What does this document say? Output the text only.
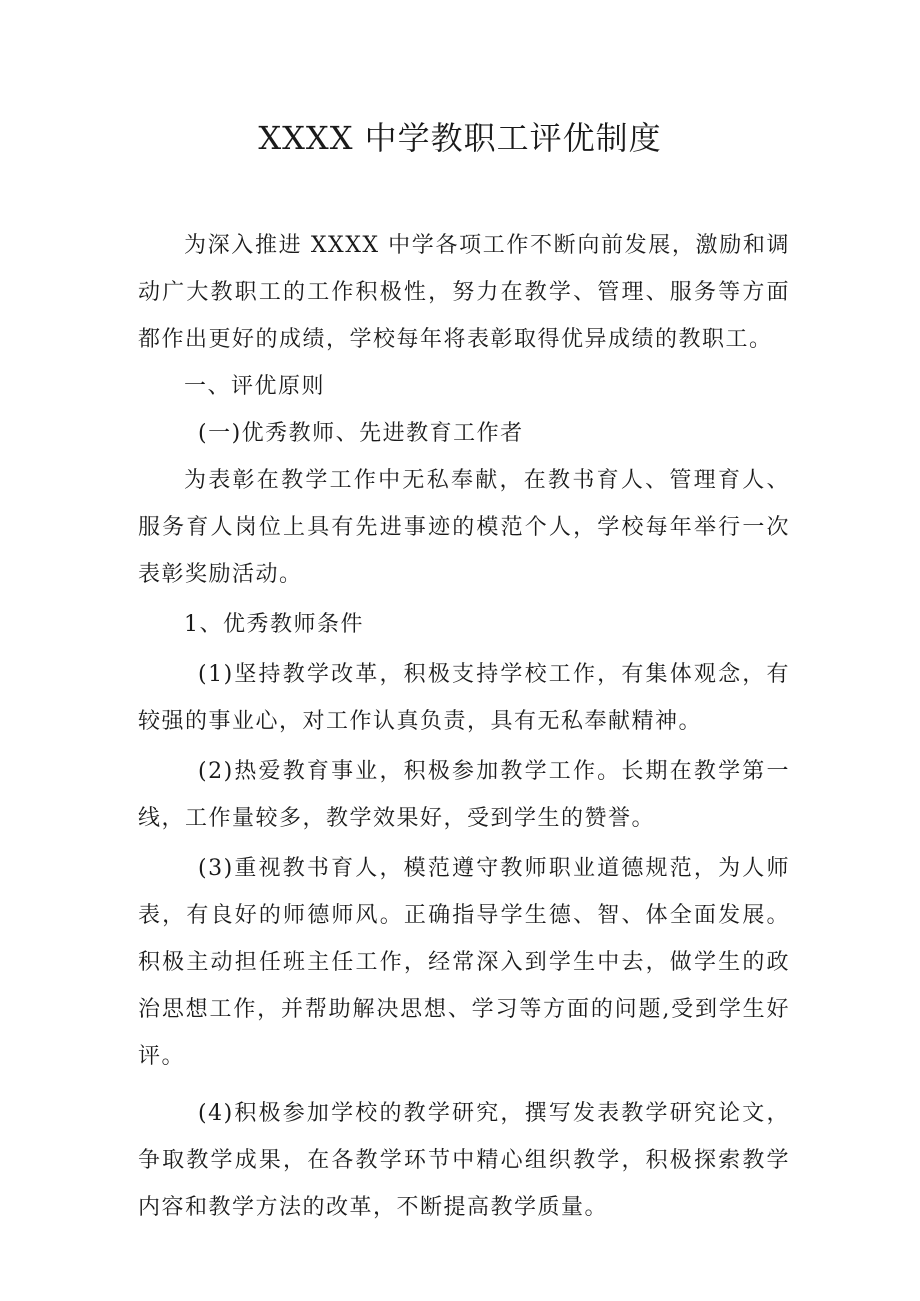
XXXX 中学教职工评优制度

为深入推进 XXXX 中学各项工作不断向前发展，激励和调动广大教职工的工作积极性，努力在教学、管理、服务等方面都作出更好的成绩，学校每年将表彰取得优异成绩的教职工。

一、评优原则

(一)优秀教师、先进教育工作者

为表彰在教学工作中无私奉献，在教书育人、管理育人、服务育人岗位上具有先进事迹的模范个人，学校每年举行一次表彰奖励活动。

1、优秀教师条件

(1)坚持教学改革，积极支持学校工作，有集体观念，有较强的事业心，对工作认真负责，具有无私奉献精神。

(2)热爱教育事业，积极参加教学工作。长期在教学第一线，工作量较多，教学效果好，受到学生的赞誉。

(3)重视教书育人，模范遵守教师职业道德规范，为人师表，有良好的师德师风。正确指导学生德、智、体全面发展。积极主动担任班主任工作，经常深入到学生中去，做学生的政治思想工作，并帮助解决思想、学习等方面的问题,受到学生好评。

(4)积极参加学校的教学研究，撰写发表教学研究论文，争取教学成果，在各教学环节中精心组织教学，积极探索教学内容和教学方法的改革，不断提高教学质量。
